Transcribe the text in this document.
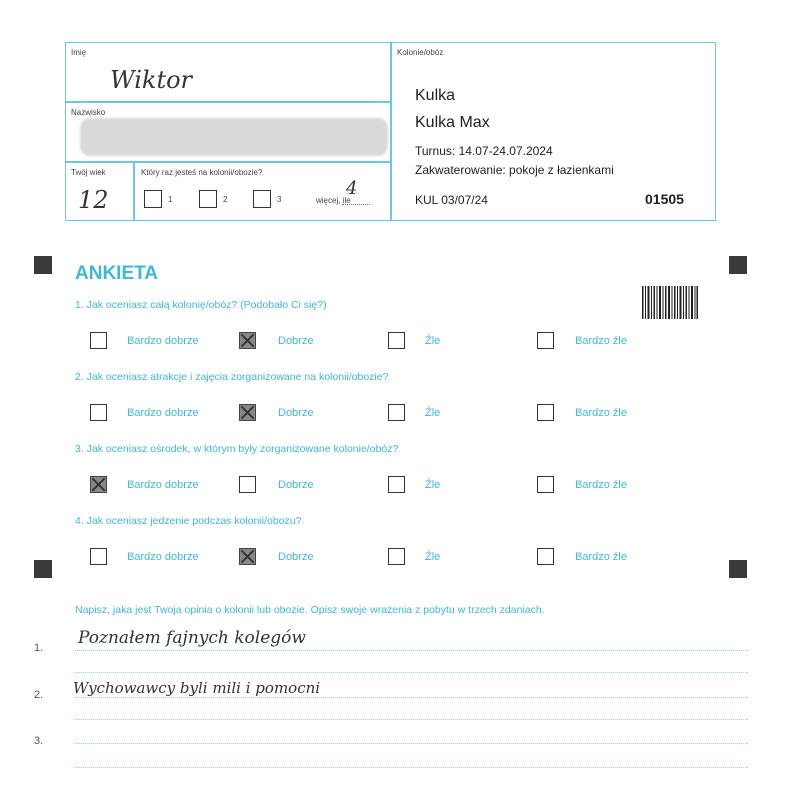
Imię
Wiktor
Nazwisko
Twój wiek
12
Który raz jesteś na kolonii/obozie?
1	2	3	więcej, ile
4
Kolonie/obóz
Kulka
Kulka Max
Turnus: 14.07-24.07.2024
Zakwaterowanie: pokoje z łazienkami
KUL 03/07/24	01505
ANKIETA
1. Jak oceniasz całą kolonię/obóz? (Podobało Ci się?)
Bardzo dobrze	Dobrze	Źle	Bardzo źle
2. Jak oceniasz atrakcje i zajęcia zorganizowane na kolonii/obozie?
Bardzo dobrze	Dobrze	Źle	Bardzo źle
3. Jak oceniasz ośrodek, w którym były zorganizowane kolonie/obóz?
Bardzo dobrze	Dobrze	Źle	Bardzo źle
4. Jak oceniasz jedzenie podczas kolonii/obozu?
Bardzo dobrze	Dobrze	Źle	Bardzo źle
Napisz, jaka jest Twoja opinia o kolonii lub obozie. Opisz swoje wrażenia z pobytu w trzech zdaniach.
1. Poznałem fajnych kolegów
2. Wychowawcy byli mili i pomocni
3.
